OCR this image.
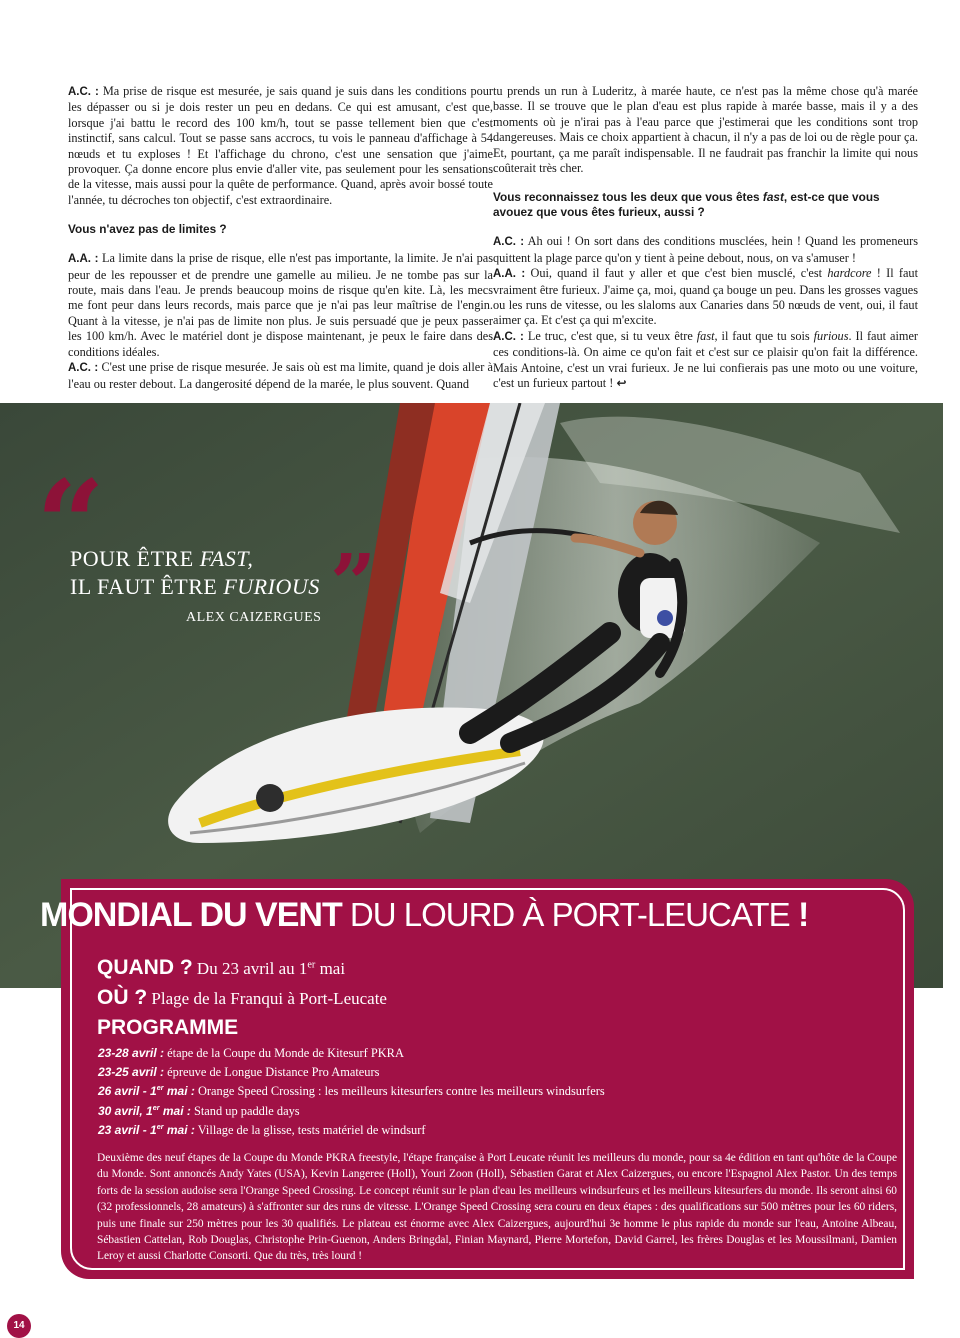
A.C. : Ma prise de risque est mesurée, je sais quand je suis dans les conditions pour les dépasser ou si je dois rester un peu en dedans. Ce qui est amusant, c'est que, lorsque j'ai battu le record des 100 km/h, tout se passe tellement bien que c'est instinctif, sans calcul. Tout se passe sans accrocs, tu vois le panneau d'affichage à 54 nœuds et tu exploses ! Et l'affichage du chrono, c'est une sensation que j'aime provoquer. Ça donne encore plus envie d'aller vite, pas seulement pour les sensations de la vitesse, mais aussi pour la quête de performance. Quand, après avoir bossé toute l'année, tu décroches ton objectif, c'est extraordinaire.

Vous n'avez pas de limites ?

A.A. : La limite dans la prise de risque, elle n'est pas importante, la limite. Je n'ai pas peur de les repousser et de prendre une gamelle au milieu. Je ne tombe pas sur la route, mais dans l'eau. Je prends beaucoup moins de risque qu'en kite. Là, les mecs me font peur dans leurs records, mais parce que je n'ai pas leur maîtrise de l'engin. Quant à la vitesse, je n'ai pas de limite non plus. Je suis persuadé que je peux passer les 100 km/h. Avec le matériel dont je dispose maintenant, je peux le faire dans des conditions idéales.

A.C. : C'est une prise de risque mesurée. Je sais où est ma limite, quand je dois aller à l'eau ou rester debout. La dangerosité dépend de la marée, le plus souvent. Quand

tu prends un run à Luderitz, à marée haute, ce n'est pas la même chose qu'à marée basse. Il se trouve que le plan d'eau est plus rapide à marée basse, mais il y a des moments où je n'irai pas à l'eau parce que j'estimerai que les conditions sont trop dangereuses. Mais ce choix appartient à chacun, il n'y a pas de loi ou de règle pour ça. Et, pourtant, ça me paraît indispensable. Il ne faudrait pas franchir la limite qui nous coûterait très cher.

Vous reconnaissez tous les deux que vous êtes fast, est-ce que vous avouez que vous êtes furieux, aussi ?

A.C. : Ah oui ! On sort dans des conditions musclées, hein ! Quand les promeneurs quittent la plage parce qu'on y tient à peine debout, nous, on va s'amuser !

A.A. : Oui, quand il faut y aller et que c'est bien musclé, c'est hardcore ! Il faut vraiment être furieux. J'aime ça, moi, quand ça bouge un peu. Dans les grosses vagues ou les runs de vitesse, ou les slaloms aux Canaries dans 50 nœuds de vent, oui, il faut aimer ça. Et c'est ça qui m'excite.

A.C. : Le truc, c'est que, si tu veux être fast, il faut que tu sois furious. Il faut aimer ces conditions-là. On aime ce qu'on fait et c'est sur ce plaisir qu'on fait la différence. Mais Antoine, c'est un vrai furieux. Je ne lui confierais pas une moto ou une voiture, c'est un furieux partout ! ↩

“
POUR ÊTRE FAST,
IL FAUT ÊTRE FURIOUS ”
ALEX CAIZERGUES
MONDIAL DU VENT DU LOURD À PORT-LEUCATE !
QUAND ? Du 23 avril au 1er mai
OÙ ? Plage de la Franqui à Port-Leucate
PROGRAMME
23-28 avril : étape de la Coupe du Monde de Kitesurf PKRA
23-25 avril : épreuve de Longue Distance Pro Amateurs
26 avril - 1er mai : Orange Speed Crossing : les meilleurs kitesurfers contre les meilleurs windsurfers
30 avril, 1er mai : Stand up paddle days
23 avril - 1er mai : Village de la glisse, tests matériel de windsurf
Deuxième des neuf étapes de la Coupe du Monde PKRA freestyle, l'étape française à Port Leucate réunit les meilleurs du monde, pour sa 4e édition en tant qu'hôte de la Coupe du Monde. Sont annoncés Andy Yates (USA), Kevin Langeree (Holl), Youri Zoon (Holl), Sébastien Garat et Alex Caizergues, ou encore l'Espagnol Alex Pastor. Un des temps forts de la session audoise sera l'Orange Speed Crossing. Le concept réunit sur le plan d'eau les meilleurs windsurfeurs et les meilleurs kitesurfers du monde. Ils seront ainsi 60 (32 professionnels, 28 amateurs) à s'affronter sur des runs de vitesse. L'Orange Speed Crossing sera couru en deux étapes : des qualifications sur 500 mètres pour les 60 riders, puis une finale sur 250 mètres pour les 30 qualifiés. Le plateau est énorme avec Alex Caizergues, aujourd'hui 3e homme le plus rapide du monde sur l'eau, Antoine Albeau, Sébastien Cattelan, Rob Douglas, Christophe Prin-Guenon, Anders Bringdal, Finian Maynard, Pierre Mortefon, David Garrel, les frères Douglas et les Moussilmani, Damien Leroy et aussi Charlotte Consorti. Que du très, très lourd !
14
